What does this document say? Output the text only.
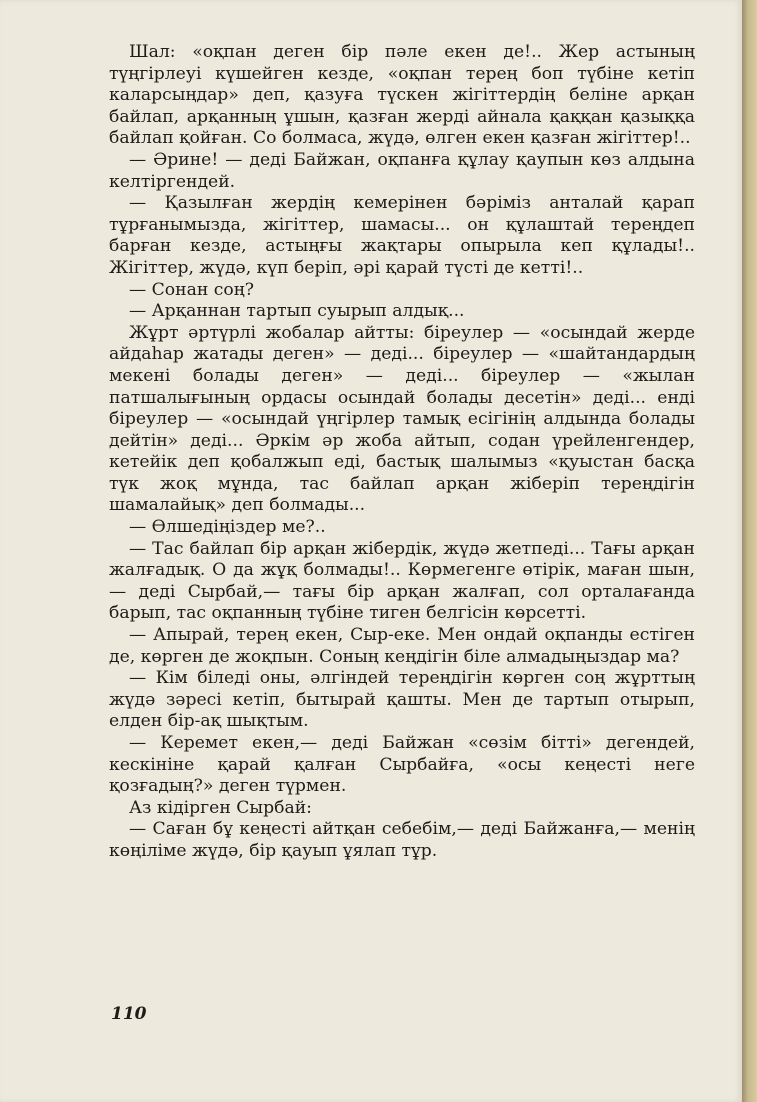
Шал: «оқпан деген бір пәле екен де!.. Жер астының түңгірлеуі күшейген кезде, «оқпан терең боп түбіне кетіп каларсыңдар» деп, қазуға түскен жігіттердің беліне арқан байлап, арқанның ұшын, қазған жерді айнала қаққан қазыққа байлап қойған. Со болмаса, жүдә, өлген екен қазған жігіттер!..

— Әрине! — деді Байжан, оқпанға құлау қаупын көз алдына келтіргендей.

— Қазылған жердің кемерінен бәріміз анталай қарап тұрғанымызда, жігіттер, шамасы... он құлаштай тереңдеп барған кезде, астыңғы жақтары опырыла кеп құлады!.. Жігіттер, жүдә, күп беріп, әрі қарай түсті де кетті!..

— Сонан соң?

— Арқаннан тартып суырып алдық...

Жұрт әртүрлі жобалар айтты: біреулер — «осындай жерде айдаһар жатады деген» — деді... біреулер — «шайтандардың мекені болады деген» — деді... біреулер — «жылан патшалығының ордасы осындай болады десетін» деді... енді біреулер — «осындай үңгірлер тамық есігінің алдында болады дейтін» деді... Әркім әр жоба айтып, содан үрейленгендер, кетейік деп қобалжып еді, бастық шалымыз «қуыстан басқа түк жоқ мұнда, тас байлап арқан жіберіп тереңдігін шамалайық» деп болмады...

— Өлшедіңіздер ме?..

— Тас байлап бір арқан жібердік, жүдә жетпеді... Тағы арқан жалғадық. О да жұқ болмады!.. Көрмегенге өтірік, маған шын,— деді Сырбай,— тағы бір арқан жалғап, сол орталағанда барып, тас оқпанның түбіне тиген белгісін көрсетті.

— Апырай, терең екен, Сыр-еке. Мен ондай оқпанды естіген де, көрген де жоқпын. Соның кеңдігін біле алмадыңыздар ма?

— Кім біледі оны, әлгіндей тереңдігін көрген соң жұрттың жүдә зәресі кетіп, бытырай қашты. Мен де тартып отырып, елден бір-ақ шықтым.

— Керемет екен,— деді Байжан «сөзім бітті» дегендей, кескініне қарай қалған Сырбайға, «осы кеңесті неге қозғадың?» деген түрмен.

Аз кідірген Сырбай:

— Саған бұ кеңесті айтқан себебім,— деді Байжанға,— менің көңіліме жүдә, бір қауып ұялап тұр.

110
